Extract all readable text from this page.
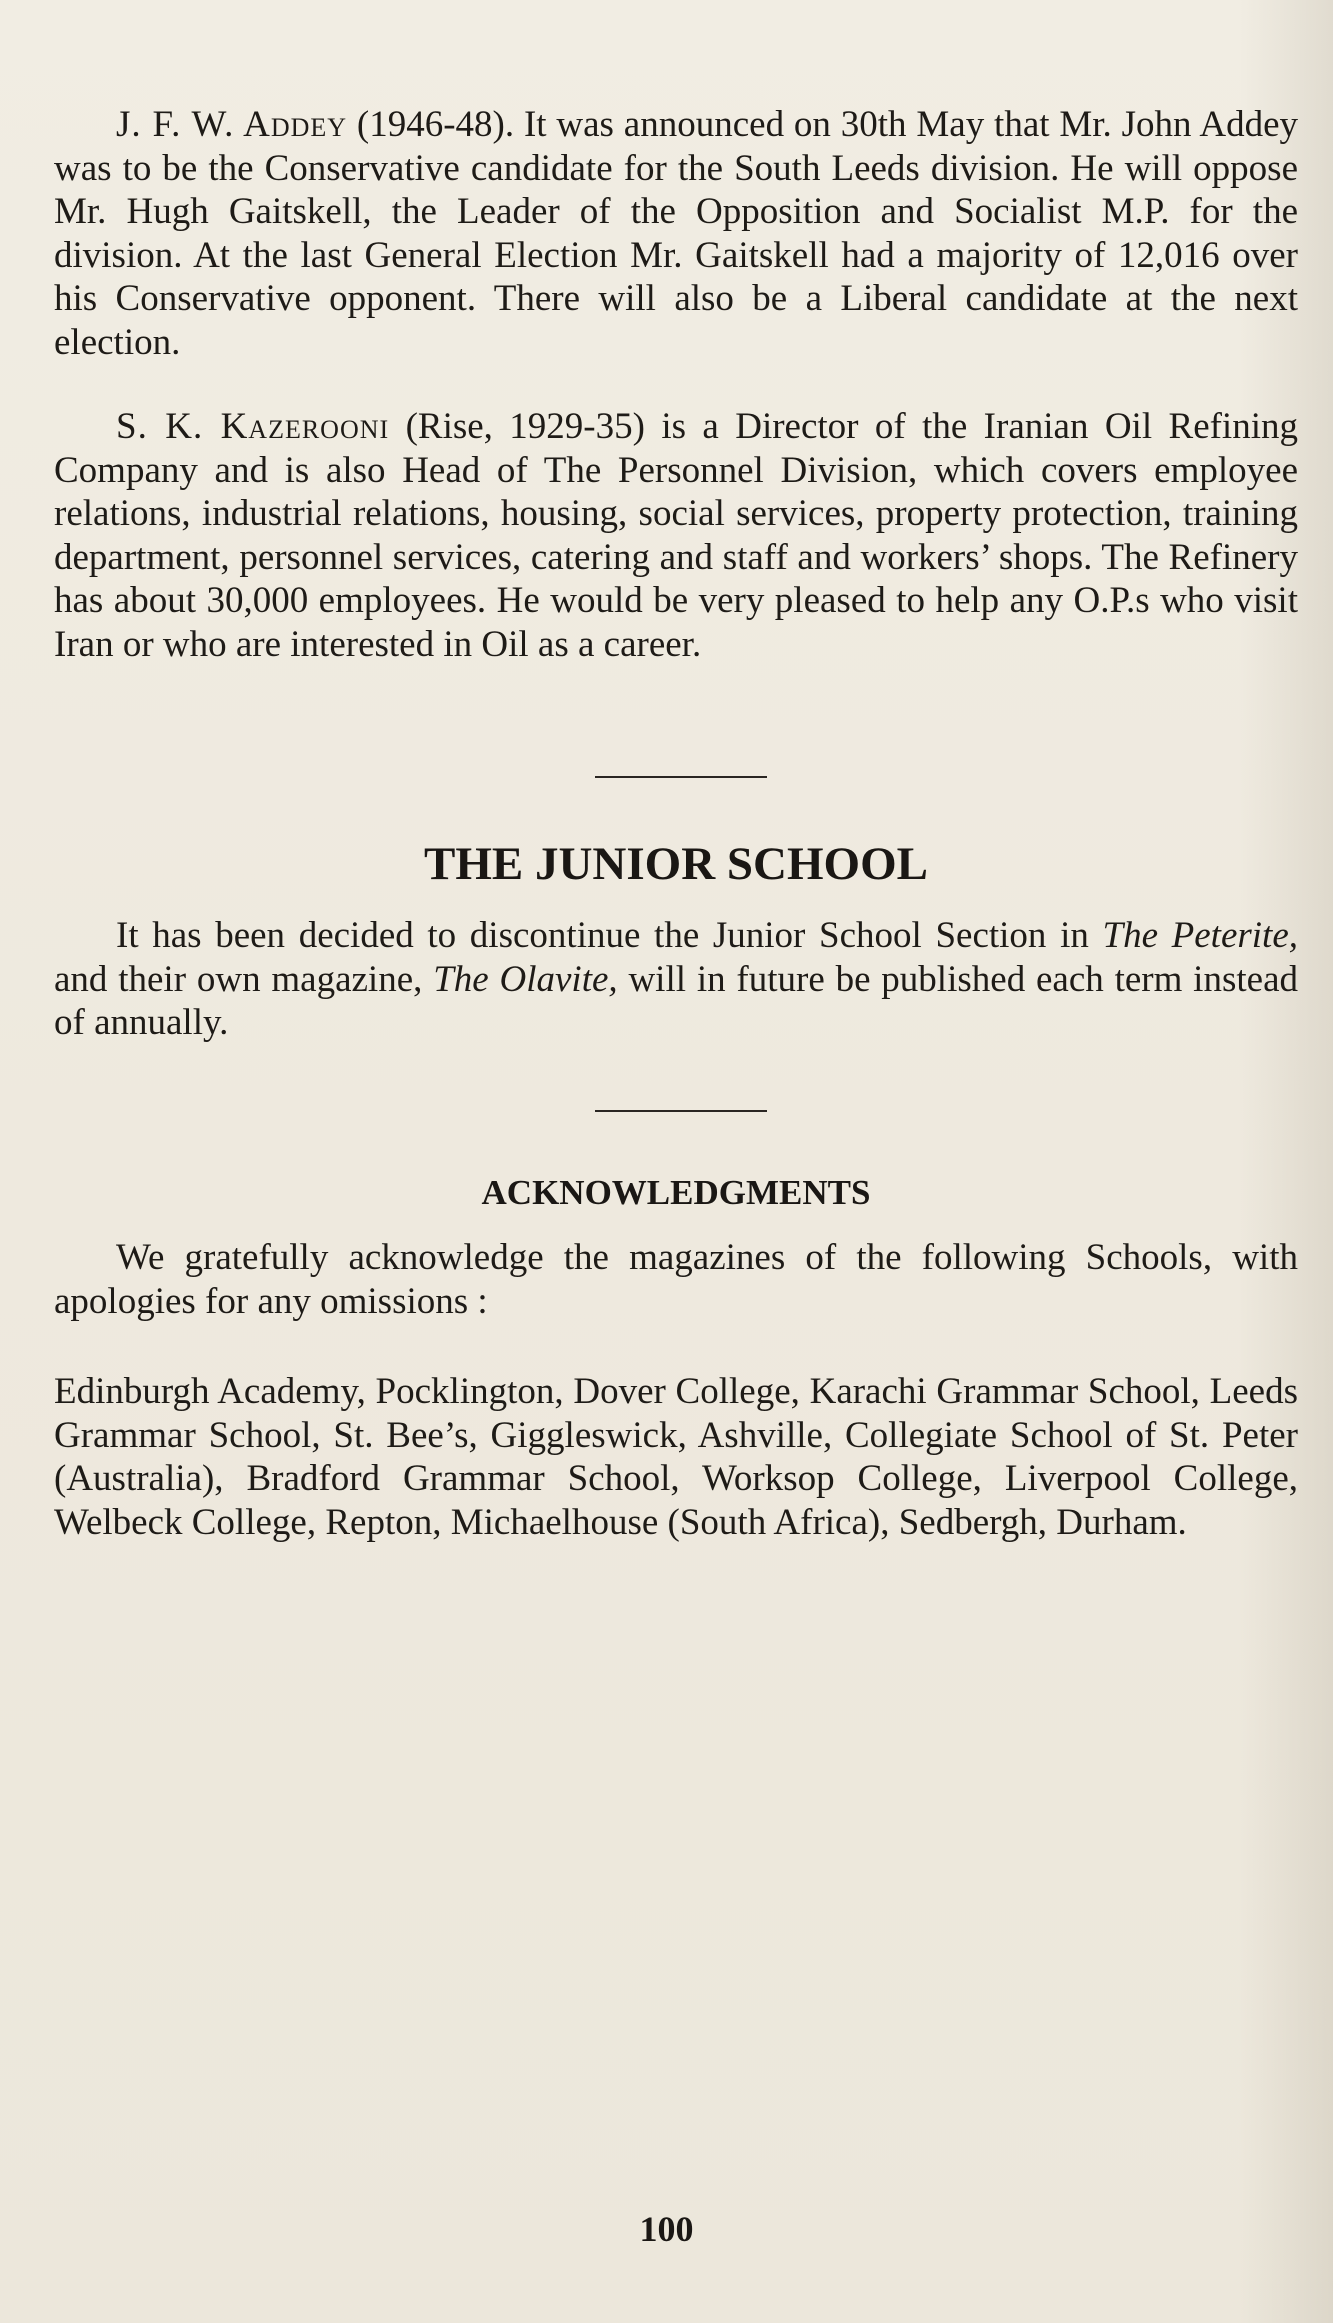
J. F. W. Addey (1946-48). It was announced on 30th May that Mr. John Addey was to be the Conservative candidate for the South Leeds division. He will oppose Mr. Hugh Gaitskell, the Leader of the Opposition and Socialist M.P. for the division. At the last General Election Mr. Gaitskell had a majority of 12,016 over his Conservative opponent. There will also be a Liberal candidate at the next election.

S. K. Kazerooni (Rise, 1929-35) is a Director of the Iranian Oil Refining Company and is also Head of The Personnel Division, which covers employee relations, industrial relations, housing, social services, property protection, training department, personnel services, catering and staff and workers’ shops. The Refinery has about 30,000 employees. He would be very pleased to help any O.P.s who visit Iran or who are interested in Oil as a career.

THE JUNIOR SCHOOL

It has been decided to discontinue the Junior School Section in The Peterite, and their own magazine, The Olavite, will in future be published each term instead of annually.

ACKNOWLEDGMENTS

We gratefully acknowledge the magazines of the following Schools, with apologies for any omissions :

Edinburgh Academy, Pocklington, Dover College, Karachi Grammar School, Leeds Grammar School, St. Bee’s, Giggleswick, Ashville, Collegiate School of St. Peter (Australia), Bradford Grammar School, Worksop College, Liverpool College, Welbeck College, Repton, Michaelhouse (South Africa), Sedbergh, Durham.

100
